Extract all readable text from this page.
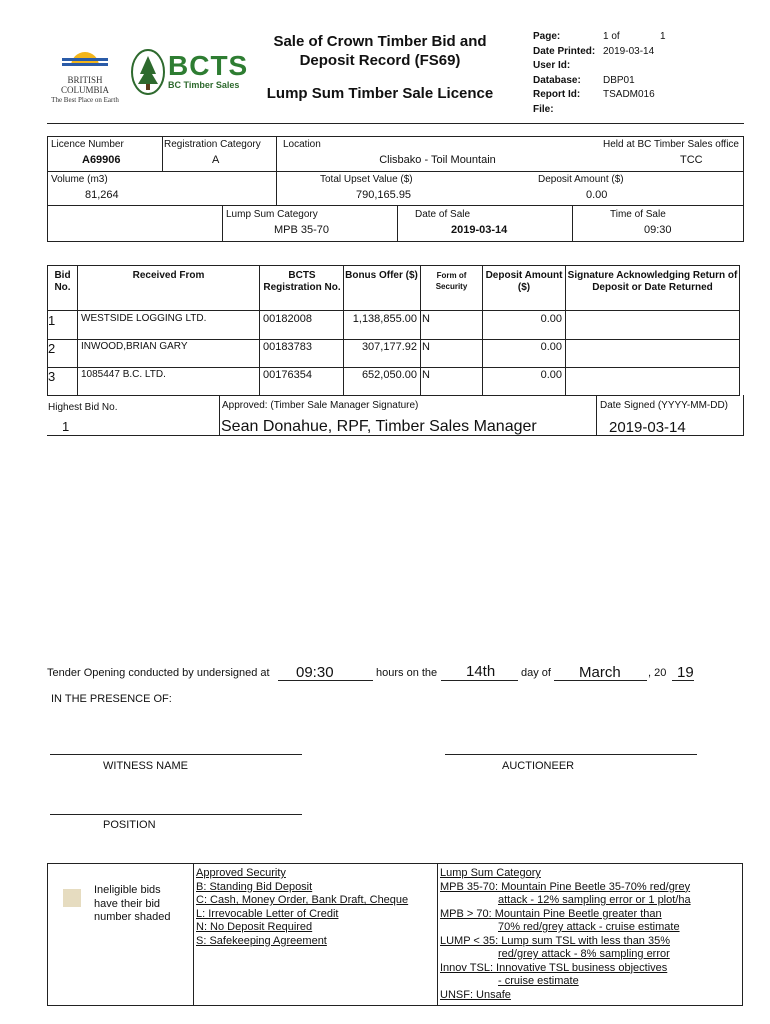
BRITISH
COLUMBIA
The Best Place on Earth
BCTS
BC Timber Sales
Sale of Crown Timber Bid and
Deposit Record (FS69)
Lump Sum Timber Sale Licence
Page:	1 of	1
Date Printed: 2019-03-14
User Id:
Database: DBP01
Report Id: TSADM016
File:
Licence Number
A69906
Registration Category
A
Location
Clisbako - Toil Mountain
Held at BC Timber Sales office
TCC
Volume (m3)
81,264
Total Upset Value ($)
790,165.95
Deposit Amount ($)
0.00
Lump Sum Category
MPB 35-70
Date of Sale
2019-03-14
Time of Sale
09:30
Bid No.
Received From	BCTS Registration No.
Bonus Offer ($)	Form of Security
Deposit Amount ($)
Signature Acknowledging Return of Deposit or Date Returned
1	WESTSIDE LOGGING LTD.	00182008	1,138,855.00 N	0.00
2	INWOOD,BRIAN GARY	00183783	307,177.92 N	0.00
3	1085447 B.C. LTD.	00176354	652,050.00 N	0.00
Highest Bid No.
1
Approved: (Timber Sale Manager Signature)
Sean Donahue, RPF, Timber Sales Manager
Date Signed (YYYY-MM-DD)
2019-03-14
Tender Opening conducted by undersigned at 09:30	hours on the 14th day of March , 20 19
IN THE PRESENCE OF:
WITNESS NAME	AUCTIONEER
POSITION
Ineligible bids
have their bid
number shaded
Approved Security
B: Standing Bid Deposit
C: Cash, Money Order, Bank Draft, Cheque
L: Irrevocable Letter of Credit
N: No Deposit Required
S: Safekeeping Agreement
Lump Sum Category
MPB 35-70: Mountain Pine Beetle 35-70% red/grey
attack - 12% sampling error or 1 plot/ha
MPB > 70: Mountain Pine Beetle greater than
70% red/grey attack - cruise estimate
LUMP < 35: Lump sum TSL with less than 35%
red/grey attack - 8% sampling error
Innov TSL: Innovative TSL business objectives
- cruise estimate
UNSF: Unsafe
